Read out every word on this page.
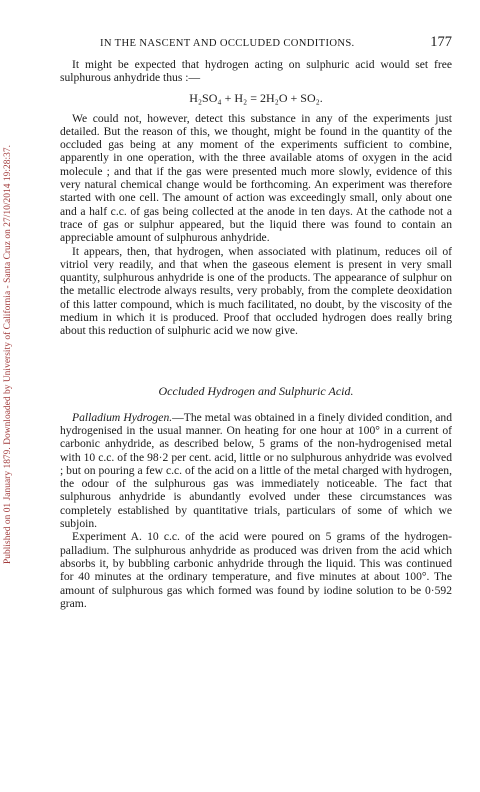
Published on 01 January 1879. Downloaded by University of California - Santa Cruz on 27/10/2014 19:28:37.
IN THE NASCENT AND OCCLUDED CONDITIONS.	177

It might be expected that hydrogen acting on sulphuric acid would set free sulphurous anhydride thus :—

H₂SO₄ + H₂ = 2H₂O + SO₂.

We could not, however, detect this substance in any of the experiments just detailed. But the reason of this, we thought, might be found in the quantity of the occluded gas being at any moment of the experiments sufficient to combine, apparently in one operation, with the three available atoms of oxygen in the acid molecule ; and that if the gas were presented much more slowly, evidence of this very natural chemical change would be forthcoming. An experiment was therefore started with one cell. The amount of action was exceedingly small, only about one and a half c.c. of gas being collected at the anode in ten days. At the cathode not a trace of gas or sulphur appeared, but the liquid there was found to contain an appreciable amount of sulphurous anhydride.

It appears, then, that hydrogen, when associated with platinum, reduces oil of vitriol very readily, and that when the gaseous element is present in very small quantity, sulphurous anhydride is one of the products. The appearance of sulphur on the metallic electrode always results, very probably, from the complete deoxidation of this latter compound, which is much facilitated, no doubt, by the viscosity of the medium in which it is produced. Proof that occluded hydrogen does really bring about this reduction of sulphuric acid we now give.

Occluded Hydrogen and Sulphuric Acid.

Palladium Hydrogen.—The metal was obtained in a finely divided condition, and hydrogenised in the usual manner. On heating for one hour at 100° in a current of carbonic anhydride, as described below, 5 grams of the non-hydrogenised metal with 10 c.c. of the 98·2 per cent. acid, little or no sulphurous anhydride was evolved ; but on pouring a few c.c. of the acid on a little of the metal charged with hydrogen, the odour of the sulphurous gas was immediately noticeable. The fact that sulphurous anhydride is abundantly evolved under these circumstances was completely established by quantitative trials, particulars of some of which we subjoin.

Experiment A. 10 c.c. of the acid were poured on 5 grams of the hydrogen-palladium. The sulphurous anhydride as produced was driven from the acid which absorbs it, by bubbling carbonic anhydride through the liquid. This was continued for 40 minutes at the ordinary temperature, and five minutes at about 100°. The amount of sulphurous gas which formed was found by iodine solution to be 0·592 gram.
